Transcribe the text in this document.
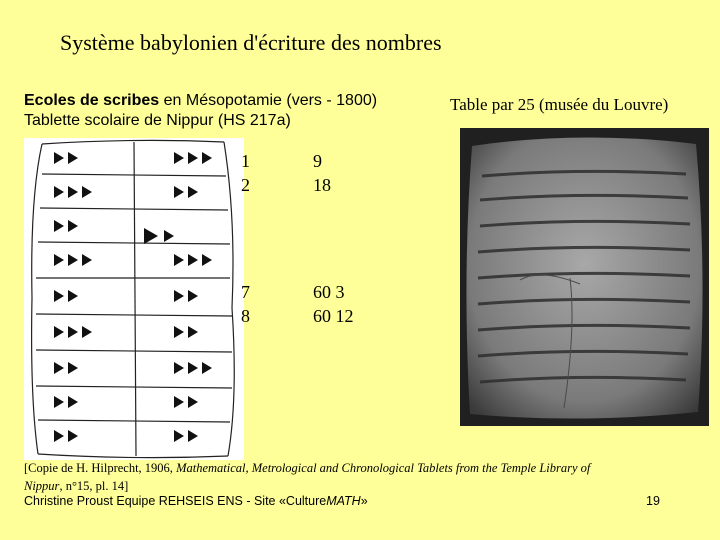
Système babylonien d'écriture des nombres
Ecoles de scribes en Mésopotamie (vers - 1800)
Tablette scolaire de Nippur (HS 217a)
Table par 25 (musée du Louvre)
1	9
2	18
7	60 3
8	60 12
[Copie de H. Hilprecht, 1906, Mathematical, Metrological and Chronological Tablets from the Temple Library of Nippur, n°15, pl. 14]
Christine Proust Equipe REHSEIS ENS - Site «CultureMATH»	19
